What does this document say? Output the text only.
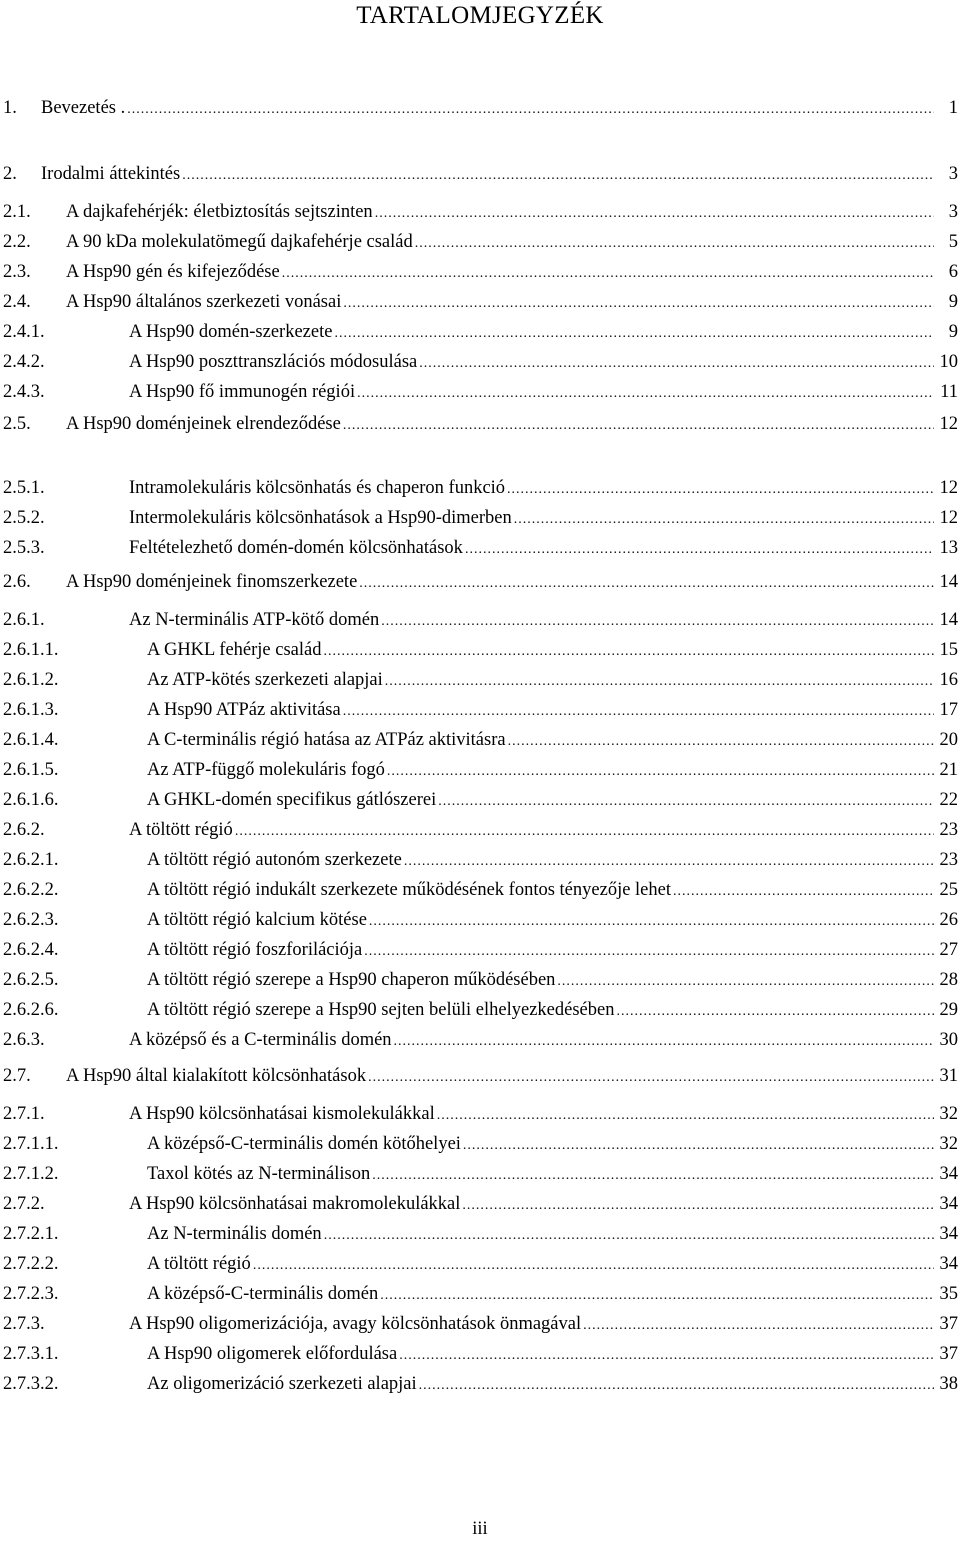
TARTALOMJEGYZÉK
1.	Bevezetés . .....	1
2.	Irodalmi áttekintés .....	3
2.1.	A dajkafehérjék: életbiztosítás sejtszinten .....	3
2.2.	A 90 kDa molekulatömegű dajkafehérje család .....	5
2.3.	A Hsp90 gén és kifejeződése .....	6
2.4.	A Hsp90 általános szerkezeti vonásai .....	9
2.4.1.	A Hsp90 domén-szerkezete .....	9
2.4.2.	A Hsp90 poszttranszlációs módosulása .....	10
2.4.3.	A Hsp90 fő immunogén régiói .....	11
2.5.	A Hsp90 doménjeinek elrendeződése .....	12
2.5.1.	Intramolekuláris kölcsönhatás és chaperon funkció .....	12
2.5.2.	Intermolekuláris kölcsönhatások a Hsp90-dimerben .....	12
2.5.3.	Feltételezhető domén-domén kölcsönhatások .....	13
2.6.	A Hsp90 doménjeinek finomszerkezete .....	14
2.6.1.	Az N-terminális ATP-kötő domén .....	14
2.6.1.1.	A GHKL fehérje család .....	15
2.6.1.2.	Az ATP-kötés szerkezeti alapjai .....	16
2.6.1.3.	A Hsp90 ATPáz aktivitása .....	17
2.6.1.4.	A C-terminális régió hatása az ATPáz aktivitásra .....	20
2.6.1.5.	Az ATP-függő molekuláris fogó .....	21
2.6.1.6.	A GHKL-domén specifikus gátlószerei .....	22
2.6.2.	A töltött régió .....	23
2.6.2.1.	A töltött régió autonóm szerkezete .....	23
2.6.2.2.	A töltött régió indukált szerkezete működésének fontos tényezője lehet .....	25
2.6.2.3.	A töltött régió kalcium kötése .....	26
2.6.2.4.	A töltött régió foszforilációja .....	27
2.6.2.5.	A töltött régió szerepe a Hsp90 chaperon működésében .....	28
2.6.2.6.	A töltött régió szerepe a Hsp90 sejten belüli elhelyezkedésében .....	29
2.6.3.	A középső és a C-terminális domén .....	30
2.7.	A Hsp90 által kialakított kölcsönhatások .....	31
2.7.1.	A Hsp90 kölcsönhatásai kismolekulákkal .....	32
2.7.1.1.	A középső-C-terminális domén kötőhelyei .....	32
2.7.1.2.	Taxol kötés az N-terminálison .....	34
2.7.2.	A Hsp90 kölcsönhatásai makromolekulákkal .....	34
2.7.2.1.	Az N-terminális domén .....	34
2.7.2.2.	A töltött régió .....	34
2.7.2.3.	A középső-C-terminális domén .....	35
2.7.3.	A Hsp90 oligomerizációja, avagy kölcsönhatások önmagával .....	37
2.7.3.1.	A Hsp90 oligomerek előfordulása .....	37
2.7.3.2.	Az oligomerizáció szerkezeti alapjai .....	38
iii
